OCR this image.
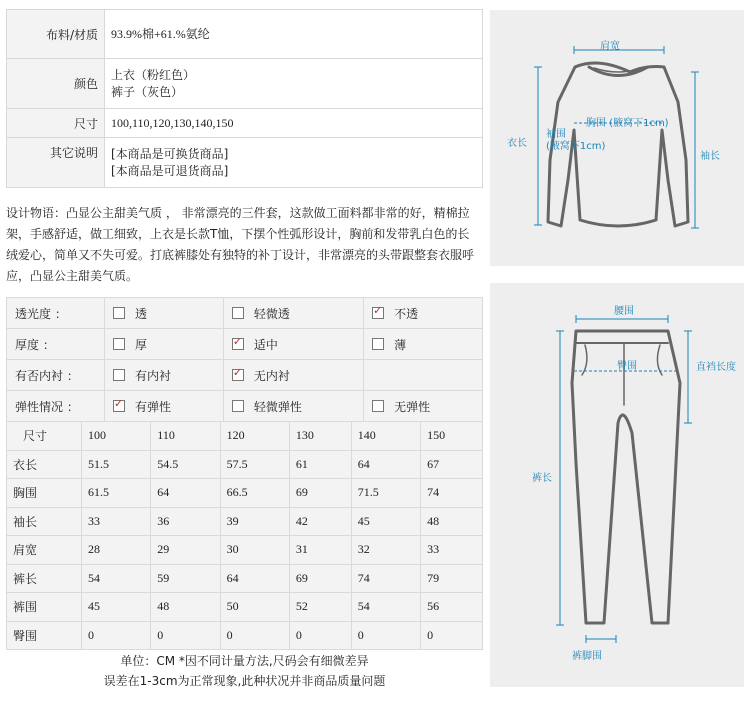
布料/材质	93.9%棉+61.%氨纶
颜色	上衣（粉红色）
裤子（灰色）

尺寸	100,110,120,130,140,150
其它说明	[本商品是可换货商品]
[本商品是可退货商品]
设计物语：凸显公主甜美气质 ， 非常漂亮的三件套，这款做工面料都非常的好，精棉拉架，手感舒适，做工细致，上衣是长款T恤，下摆个性弧形设计，胸前和发带乳白色的长绒爱心，简单又不失可爱。打底裤膝处有独特的补丁设计，非常漂亮的头带跟整套衣服呼应，凸显公主甜美气质。
透光度 ：	透	轻微透	✓不透
厚度 ：	厚	✓适中	薄
有否内衬 ：	有内衬	✓无内衬	
弹性情况 ：	✓有弹性	轻微弹性	无弹性
尺寸	100	110	120	130	140	150
衣长	51.5	54.5	57.5	61	64	67
胸围	61.5	64	66.5	69	71.5	74
袖长	33	36	39	42	45	48
肩宽	28	29	30	31	32	33
裤长	54	59	64	69	74	79
裤围	45	48	50	52	54	56
臀围	0	0	0	0	0	0
单位：CM *因不同计量方法,尺码会有细微差异
误差在1-3cm为正常现象,此种状况并非商品质量问题
肩宽
胸围 (腋窝下1cm)
袖围
(腋窝下1cm)
衣长
袖长
腰围
臀围	直裆长度
裤长
裤脚围
